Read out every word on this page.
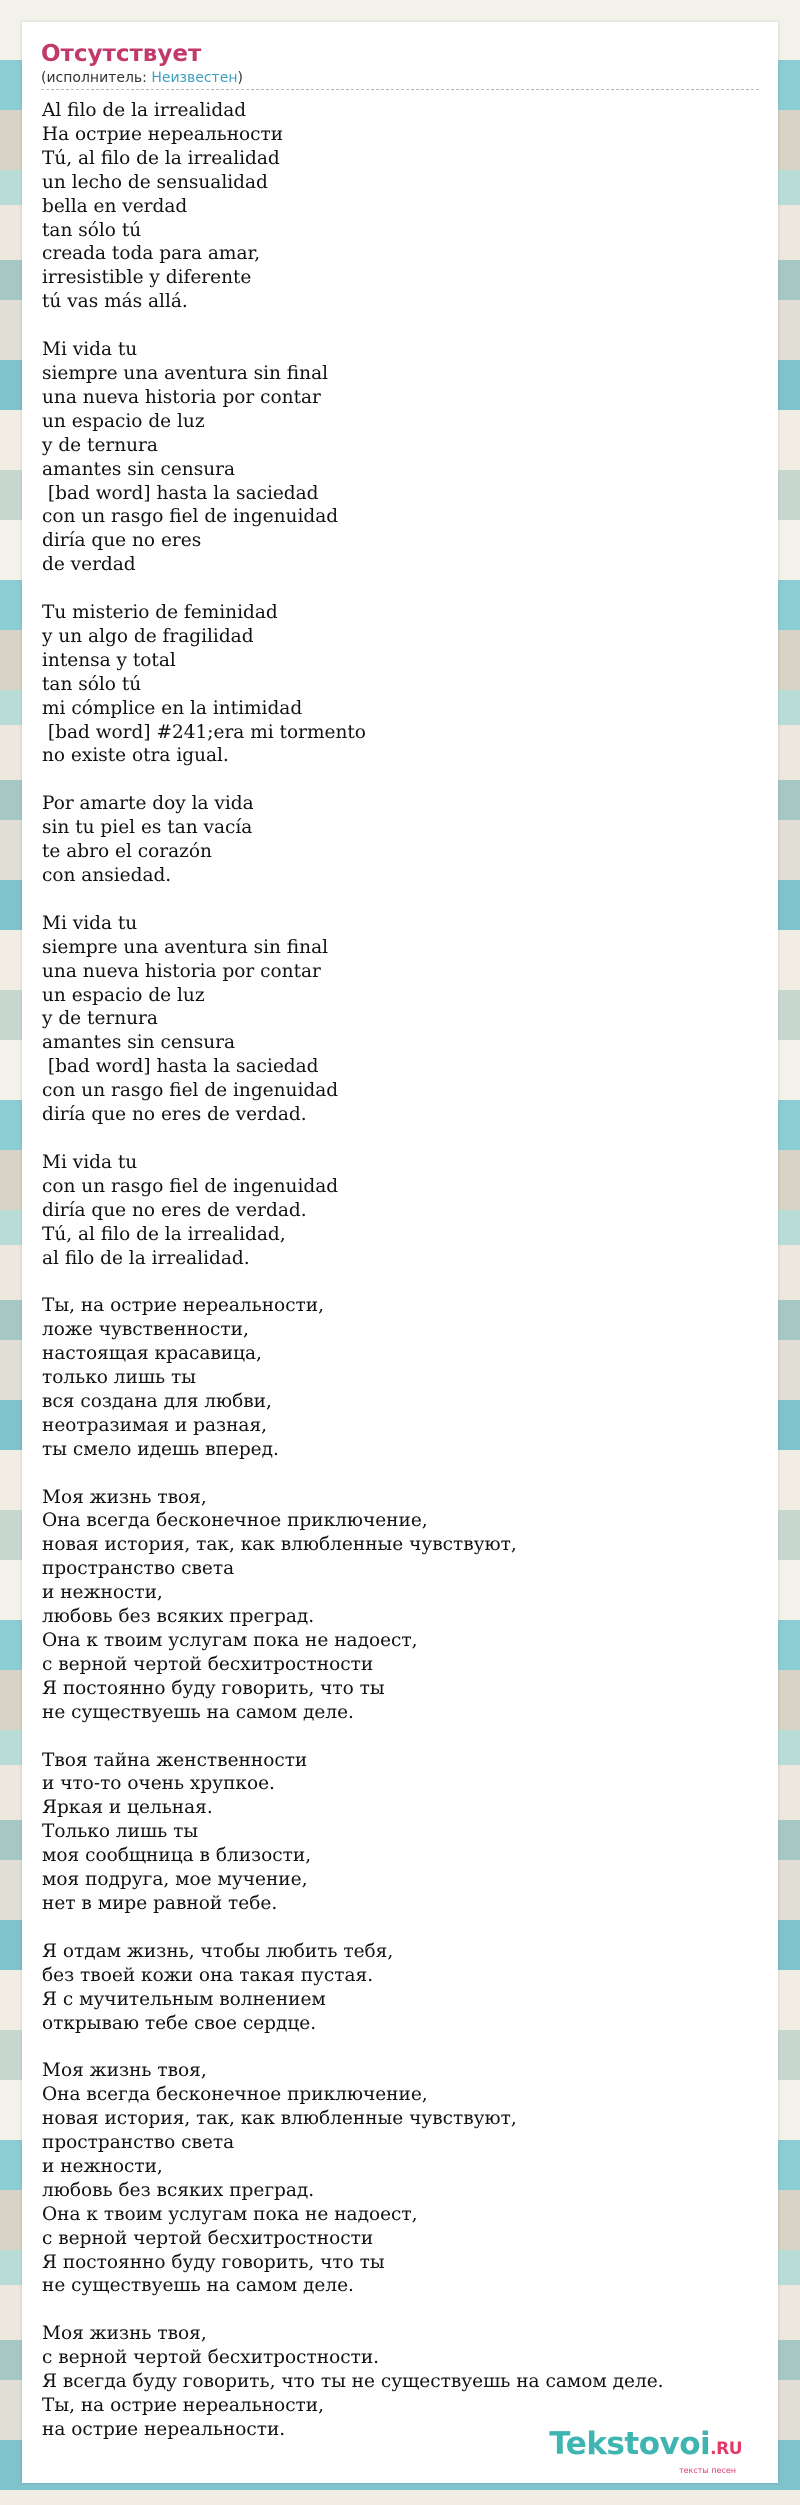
Отсутствует
(исполнитель: Неизвестен)
Al filo de la irrealidad
На острие нереальности
Tú, al filo de la irrealidad
un lecho de sensualidad
bella en verdad
tan sólo tú
creada toda para amar,
irresistible y diferente
tú vas más allá.

Mi vida tu
siempre una aventura sin final
una nueva historia por contar
un espacio de luz
y de ternura
amantes sin censura
[bad word] hasta la saciedad
con un rasgo fiel de ingenuidad
diría que no eres
de verdad

Tu misterio de feminidad
y un algo de fragilidad
intensa y total
tan sólo tú
mi cómplice en la intimidad
[bad word] #241;era mi tormento
no existe otra igual.

Por amarte doy la vida
sin tu piel es tan vacía
te abro el corazón
con ansiedad.

Mi vida tu
siempre una aventura sin final
una nueva historia por contar
un espacio de luz
y de ternura
amantes sin censura
[bad word] hasta la saciedad
con un rasgo fiel de ingenuidad
diría que no eres de verdad.

Mi vida tu
con un rasgo fiel de ingenuidad
diría que no eres de verdad.
Tú, al filo de la irrealidad,
al filo de la irrealidad.

Ты, на острие нереальности,
ложе чувственности,
настоящая красавица,
только лишь ты
вся создана для любви,
неотразимая и разная,
ты смело идешь вперед.

Моя жизнь твоя,
Она всегда бесконечное приключение,
новая история, так, как влюбленные чувствуют,
пространство света
и нежности,
любовь без всяких преград.
Она к твоим услугам пока не надоест,
с верной чертой бесхитростности
Я постоянно буду говорить, что ты
не существуешь на самом деле.

Твоя тайна женственности
и что-то очень хрупкое.
Яркая и цельная.
Только лишь ты
моя сообщница в близости,
моя подруга, мое мучение,
нет в мире равной тебе.

Я отдам жизнь, чтобы любить тебя,
без твоей кожи она такая пустая.
Я с мучительным волнением
открываю тебе свое сердце.

Моя жизнь твоя,
Она всегда бесконечное приключение,
новая история, так, как влюбленные чувствуют,
пространство света
и нежности,
любовь без всяких преград.
Она к твоим услугам пока не надоест,
с верной чертой бесхитростности
Я постоянно буду говорить, что ты
не существуешь на самом деле.

Моя жизнь твоя,
с верной чертой бесхитростности.
Я всегда буду говорить, что ты не существуешь на самом деле.
Ты, на острие нереальности,
на острие нереальности.	Tekstovoi.RU
тексты песен
